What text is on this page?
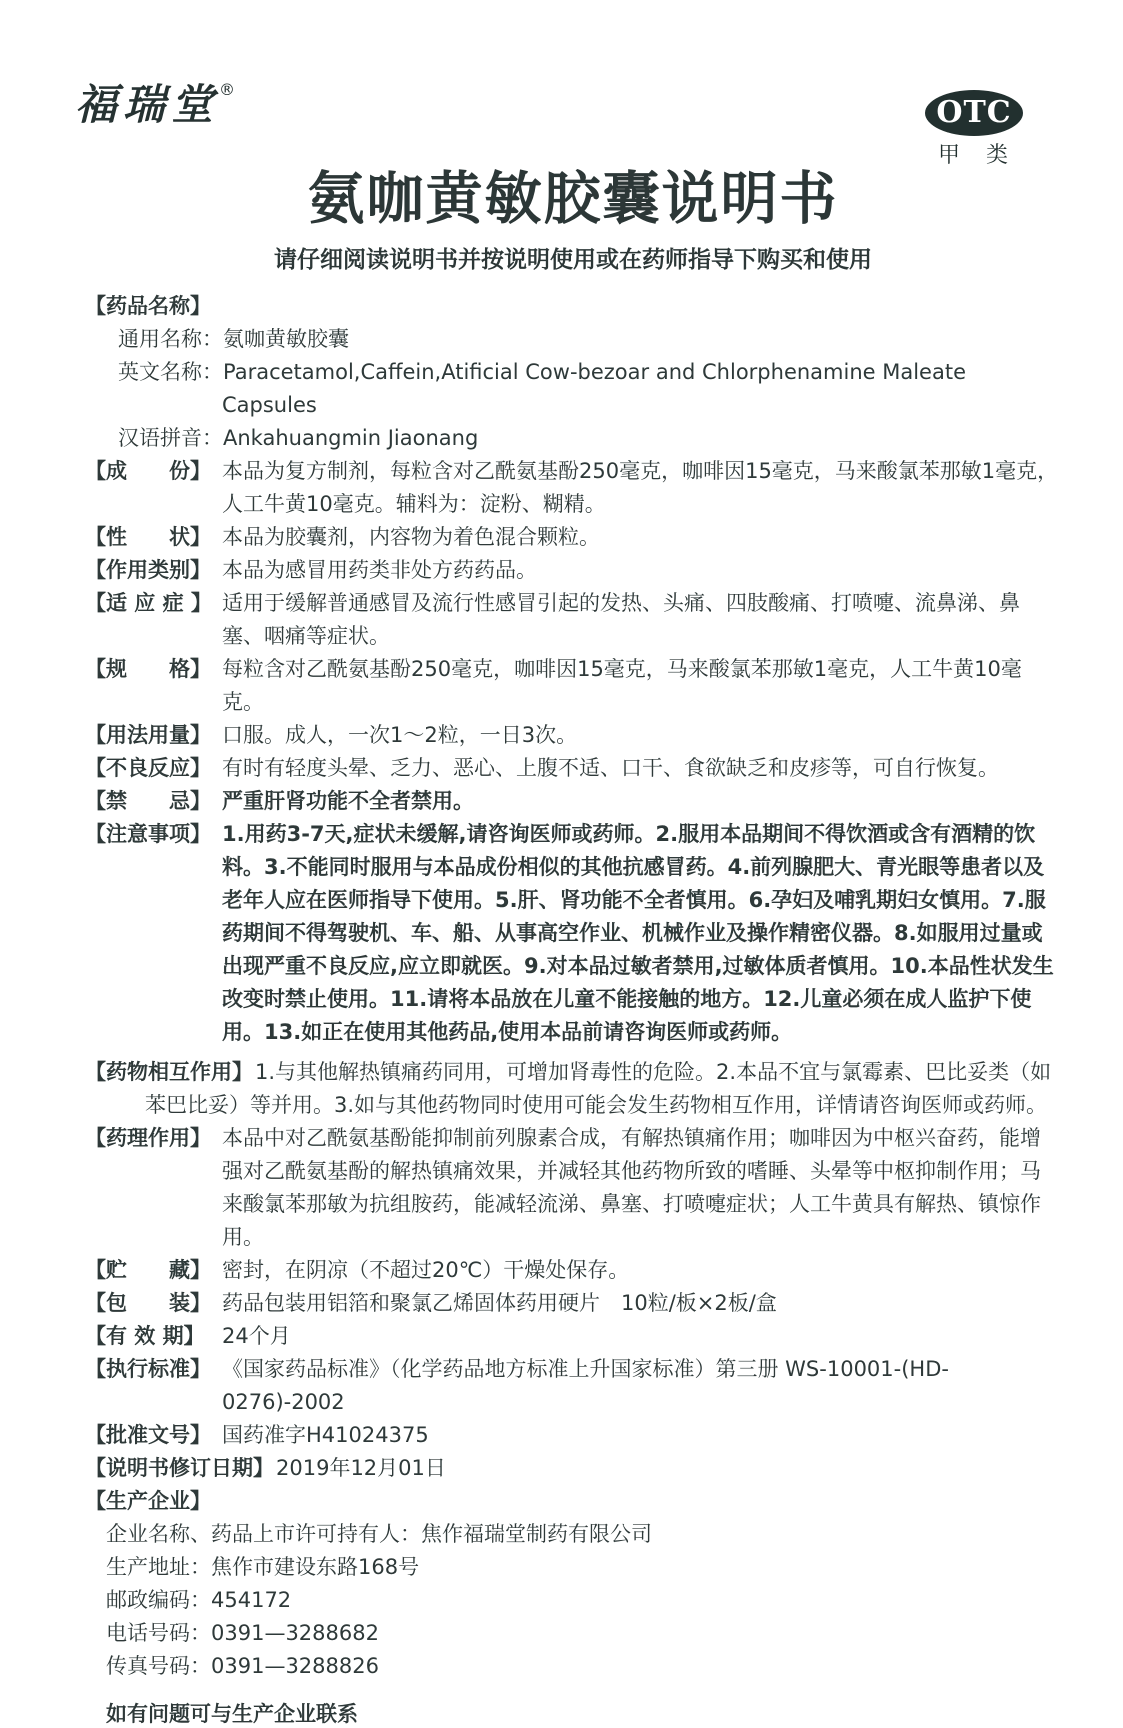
福瑞堂®
OTC
甲　类
氨咖黄敏胶囊说明书
请仔细阅读说明书并按说明使用或在药师指导下购买和使用
【药品名称】
通用名称：氨咖黄敏胶囊
英文名称：Paracetamol,Caffein,Atificial Cow-bezoar and Chlorphenamine Maleate Capsules
汉语拼音：Ankahuangmin Jiaonang
【成　　份】 本品为复方制剂，每粒含对乙酰氨基酚250毫克，咖啡因15毫克，马来酸氯苯那敏1毫克，人工牛黄10毫克。辅料为：淀粉、糊精。
【性　　状】 本品为胶囊剂，内容物为着色混合颗粒。
【作用类别】 本品为感冒用药类非处方药药品。
【适 应 症 】 适用于缓解普通感冒及流行性感冒引起的发热、头痛、四肢酸痛、打喷嚏、流鼻涕、鼻塞、咽痛等症状。
【规　　格】 每粒含对乙酰氨基酚250毫克，咖啡因15毫克，马来酸氯苯那敏1毫克，人工牛黄10毫克。
【用法用量】 口服。成人，一次1～2粒，一日3次。
【不良反应】 有时有轻度头晕、乏力、恶心、上腹不适、口干、食欲缺乏和皮疹等，可自行恢复。
【禁　　忌】 严重肝肾功能不全者禁用。
【注意事项】 1.用药3-7天,症状未缓解,请咨询医师或药师。2.服用本品期间不得饮酒或含有酒精的饮料。3.不能同时服用与本品成份相似的其他抗感冒药。4.前列腺肥大、青光眼等患者以及老年人应在医师指导下使用。5.肝、肾功能不全者慎用。6.孕妇及哺乳期妇女慎用。7.服药期间不得驾驶机、车、船、从事高空作业、机械作业及操作精密仪器。8.如服用过量或出现严重不良反应,应立即就医。9.对本品过敏者禁用,过敏体质者慎用。10.本品性状发生改变时禁止使用。11.请将本品放在儿童不能接触的地方。12.儿童必须在成人监护下使用。13.如正在使用其他药品,使用本品前请咨询医师或药师。
【药物相互作用】1.与其他解热镇痛药同用，可增加肾毒性的危险。2.本品不宜与氯霉素、巴比妥类（如苯巴比妥）等并用。3.如与其他药物同时使用可能会发生药物相互作用，详情请咨询医师或药师。
【药理作用】 本品中对乙酰氨基酚能抑制前列腺素合成，有解热镇痛作用；咖啡因为中枢兴奋药，能增强对乙酰氨基酚的解热镇痛效果，并减轻其他药物所致的嗜睡、头晕等中枢抑制作用；马来酸氯苯那敏为抗组胺药，能减轻流涕、鼻塞、打喷嚏症状；人工牛黄具有解热、镇惊作用。
【贮　　藏】 密封，在阴凉（不超过20℃）干燥处保存。
【包　　装】 药品包装用铝箔和聚氯乙烯固体药用硬片　10粒/板×2板/盒
【有 效 期】 24个月
【执行标准】 《国家药品标准》（化学药品地方标准上升国家标准）第三册 WS-10001-(HD-0276)-2002
【批准文号】 国药准字H41024375
【说明书修订日期】2019年12月01日
【生产企业】
企业名称、药品上市许可持有人：焦作福瑞堂制药有限公司
生产地址：焦作市建设东路168号
邮政编码：454172
电话号码：0391—3288682
传真号码：0391—3288826
如有问题可与生产企业联系
